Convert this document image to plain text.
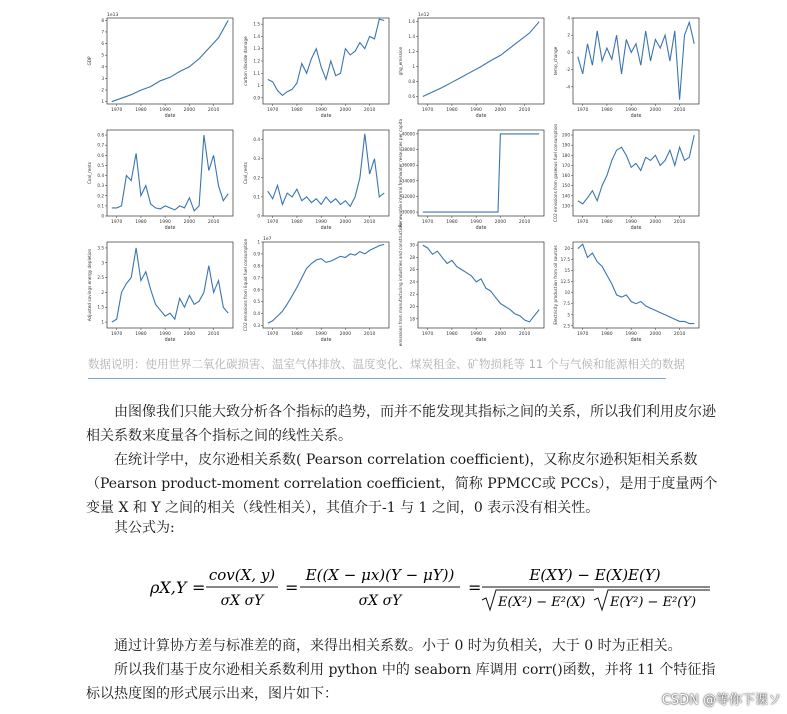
1
2
3
4
5
6
7
8
1970	1980	1990	2000	2010
date
GDP
1e13
0.9
1
1.1
1.2
1.3
1.4
1.5
1970	1980	1990	2000	2010
date
carbon dioxide damage
0.6
0.8
1
1.2
1.4
1.6
1970	1980	1990	2000	2010
date
ghg_emission
1e12
-4
-2
0
2
4
1970	1980	1990	2000	2010
date
temp_change
0
0.1
0.2
0.3
0.4
0.5
0.6
0.7
0.8
1970	1980	1990	2000	2010
date
Coal_rents
0
0.1
0.2
0.3
0.4
1970	1980	1990	2000	2010
date
Coal_rents
30000
32000
34000
36000
38000
40000
1970	1980	1990	2000	2010
date
Renewable internal freshwater resources per capita	130
140
150
160
170
180
190
200
1970	1980	1990	2000	2010
date
CO2 emissions from gaseous fuel consumption
1
1.5
2
2.5
3
3.5
1970	1980	1990	2000	2010
date
Adjusted savings energy depletion
0.3
0.4
0.5
0.6
0.7
0.8
0.9
1
1970	1980	1990	2000	2010
date
CO2 emissions from liquid fuel consumption	1e7
18
20
22
24
26
28
30
1970	1980	1990	2000	2010
date
emissions from manufacturing industries and construction	2.5
5
7.5
10
12.5
15
17.5
20
1970	1980	1990	2000	2010
date
Electricity production from oil sources
数据说明：使用世界二氧化碳损害、温室气体排放、温度变化、煤炭租金、矿物损耗等 11 个与气候和能源相关的数据
　　由图像我们只能大致分析各个指标的趋势，而并不能发现其指标之间的关系，所以我们利用皮尔逊相关系数来度量各个指标之间的线性关系。
　　在统计学中，皮尔逊相关系数( Pearson correlation coefficient)，又称皮尔逊积矩相关系数（Pearson product-moment correlation coefficient，简称 PPMCC或 PCCs），是用于度量两个变量 X 和 Y 之间的相关（线性相关），其值介于-1 与 1 之间，0 表示没有相关性。
　　其公式为:
ρX,Y =
cov(X, y)
σX σY
=
E((X − μx)(Y − μY))
σX σY
=
E(XY) − E(X)E(Y)
E(X²) − E²(X) E(Y²) − E²(Y)
　　通过计算协方差与标准差的商，来得出相关系数。小于 0 时为负相关，大于 0 时为正相关。
　　所以我们基于皮尔逊相关系数利用 python 中的 seaborn 库调用 corr()函数，并将 11 个特征指标以热度图的形式展示出来，图片如下：	CSDN @等你下课ソ
